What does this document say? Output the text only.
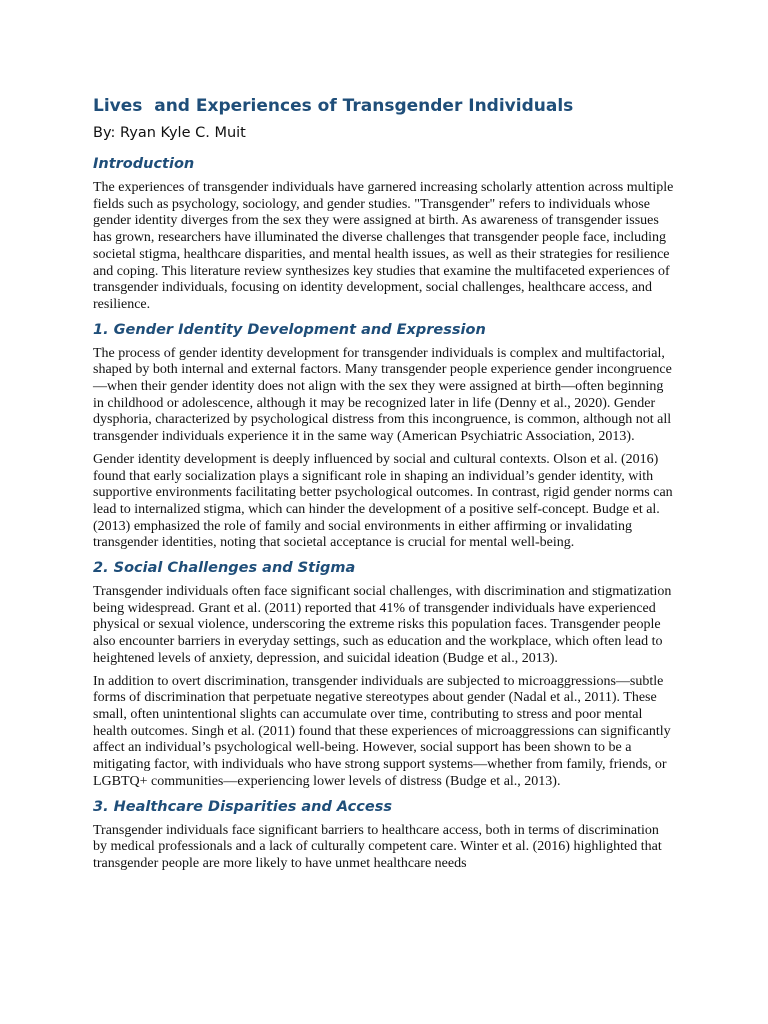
Lives  and Experiences of Transgender Individuals

By: Ryan Kyle C. Muit

Introduction

The experiences of transgender individuals have garnered increasing scholarly attention across multiple fields such as psychology, sociology, and gender studies. "Transgender" refers to individuals whose gender identity diverges from the sex they were assigned at birth. As awareness of transgender issues has grown, researchers have illuminated the diverse challenges that transgender people face, including societal stigma, healthcare disparities, and mental health issues, as well as their strategies for resilience and coping. This literature review synthesizes key studies that examine the multifaceted experiences of transgender individuals, focusing on identity development, social challenges, healthcare access, and resilience.

1. Gender Identity Development and Expression

The process of gender identity development for transgender individuals is complex and multifactorial, shaped by both internal and external factors. Many transgender people experience gender incongruence—when their gender identity does not align with the sex they were assigned at birth—often beginning in childhood or adolescence, although it may be recognized later in life (Denny et al., 2020). Gender dysphoria, characterized by psychological distress from this incongruence, is common, although not all transgender individuals experience it in the same way (American Psychiatric Association, 2013).

Gender identity development is deeply influenced by social and cultural contexts. Olson et al. (2016) found that early socialization plays a significant role in shaping an individual’s gender identity, with supportive environments facilitating better psychological outcomes. In contrast, rigid gender norms can lead to internalized stigma, which can hinder the development of a positive self-concept. Budge et al. (2013) emphasized the role of family and social environments in either affirming or invalidating transgender identities, noting that societal acceptance is crucial for mental well-being.

2. Social Challenges and Stigma

Transgender individuals often face significant social challenges, with discrimination and stigmatization being widespread. Grant et al. (2011) reported that 41% of transgender individuals have experienced physical or sexual violence, underscoring the extreme risks this population faces. Transgender people also encounter barriers in everyday settings, such as education and the workplace, which often lead to heightened levels of anxiety, depression, and suicidal ideation (Budge et al., 2013).

In addition to overt discrimination, transgender individuals are subjected to microaggressions—subtle forms of discrimination that perpetuate negative stereotypes about gender (Nadal et al., 2011). These small, often unintentional slights can accumulate over time, contributing to stress and poor mental health outcomes. Singh et al. (2011) found that these experiences of microaggressions can significantly affect an individual’s psychological well-being. However, social support has been shown to be a mitigating factor, with individuals who have strong support systems—whether from family, friends, or LGBTQ+ communities—experiencing lower levels of distress (Budge et al., 2013).

3. Healthcare Disparities and Access

Transgender individuals face significant barriers to healthcare access, both in terms of discrimination by medical professionals and a lack of culturally competent care. Winter et al. (2016) highlighted that transgender people are more likely to have unmet healthcare needs
